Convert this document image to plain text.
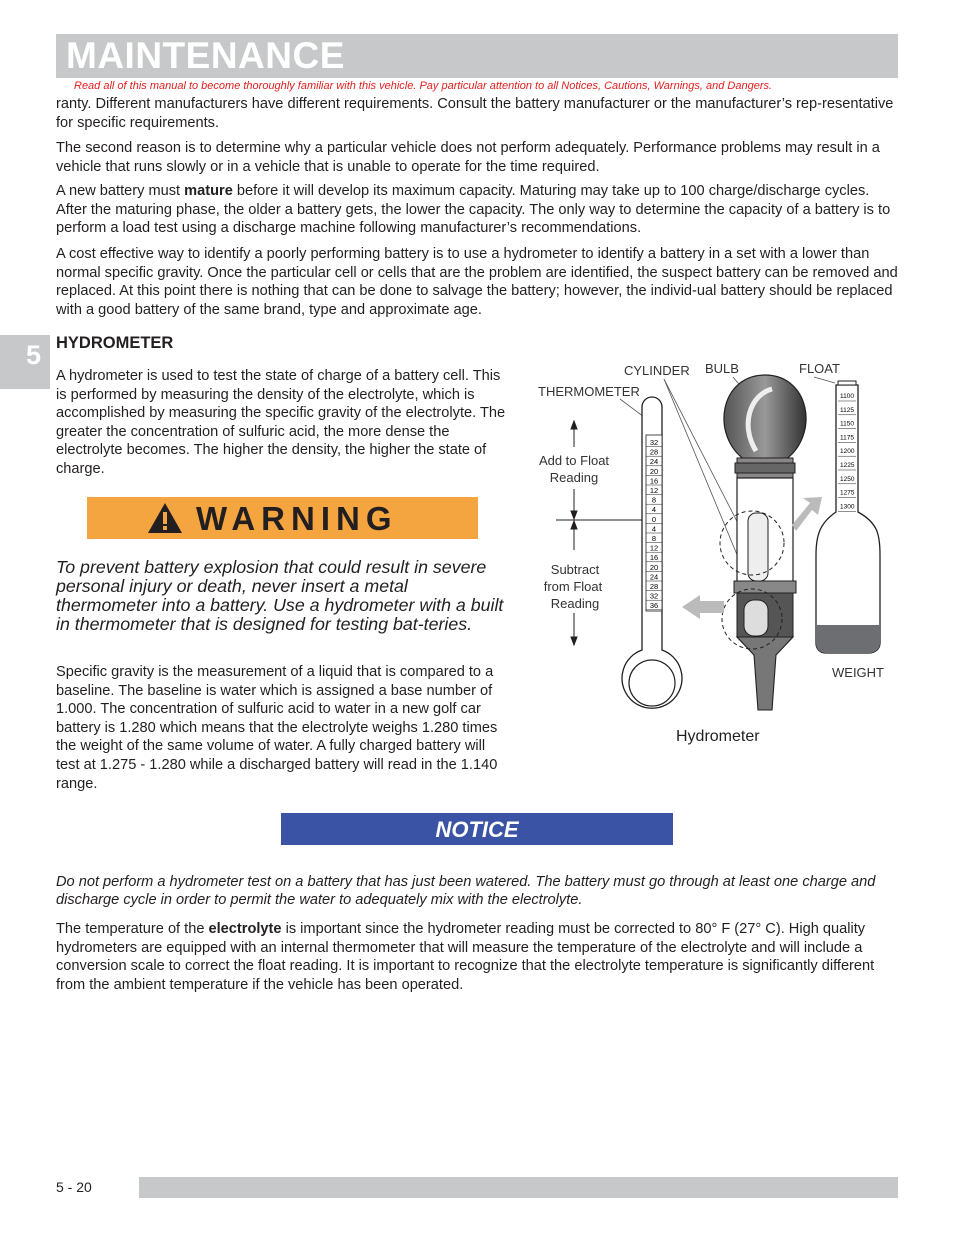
MAINTENANCE
Read all of this manual to become thoroughly familiar with this vehicle. Pay particular attention to all Notices, Cautions, Warnings, and Dangers.
5

ranty. Different manufacturers have different requirements. Consult the battery manufacturer or the manufacturer’s rep-resentative for specific requirements.

The second reason is to determine why a particular vehicle does not perform adequately. Performance problems may result in a vehicle that runs slowly or in a vehicle that is unable to operate for the time required.

A new battery must mature before it will develop its maximum capacity. Maturing may take up to 100 charge/discharge cycles. After the maturing phase, the older a battery gets, the lower the capacity. The only way to determine the capacity of a battery is to perform a load test using a discharge machine following manufacturer’s recommendations.

A cost effective way to identify a poorly performing battery is to use a hydrometer to identify a battery in a set with a lower than normal specific gravity. Once the particular cell or cells that are the problem are identified, the suspect battery can be removed and replaced. At this point there is nothing that can be done to salvage the battery; however, the individ-ual battery should be replaced with a good battery of the same brand, type and approximate age.

HYDROMETER

A hydrometer is used to test the state of charge of a battery cell. This is performed by measuring the density of the electrolyte, which is accomplished by measuring the specific gravity of the electrolyte. The greater the concentration of sulfuric acid, the more dense the electrolyte becomes. The higher the density, the higher the state of charge.

WARNING

To prevent battery explosion that could result in severe personal injury or death, never insert a metal thermometer into a battery. Use a hydrometer with a built in thermometer that is designed for testing bat-teries.

Specific gravity is the measurement of a liquid that is compared to a baseline. The baseline is water which is assigned a base number of 1.000. The concentration of sulfuric acid to water in a new golf car battery is 1.280 which means that the electrolyte weighs 1.280 times the weight of the same volume of water. A fully charged battery will test at 1.275 - 1.280 while a discharged battery will read in the 1.140 range.

CYLINDER BULB	FLOAT
THERMOMETER
WEIGHT
Add to Float
Reading
Subtract
from Float
Reading
Hydrometer
32
28
24
20
16
12
8
4
0
4
8
12
16
20
24
28
32
36
1100
1125
1150
1175
1200
1225
1250
1275
1300
NOTICE

Do not perform a hydrometer test on a battery that has just been watered. The battery must go through at least one charge and discharge cycle in order to permit the water to adequately mix with the electrolyte.

The temperature of the electrolyte is important since the hydrometer reading must be corrected to 80° F (27° C). High quality hydrometers are equipped with an internal thermometer that will measure the temperature of the electrolyte and will include a conversion scale to correct the float reading. It is important to recognize that the electrolyte temperature is significantly different from the ambient temperature if the vehicle has been operated.

5 - 20
